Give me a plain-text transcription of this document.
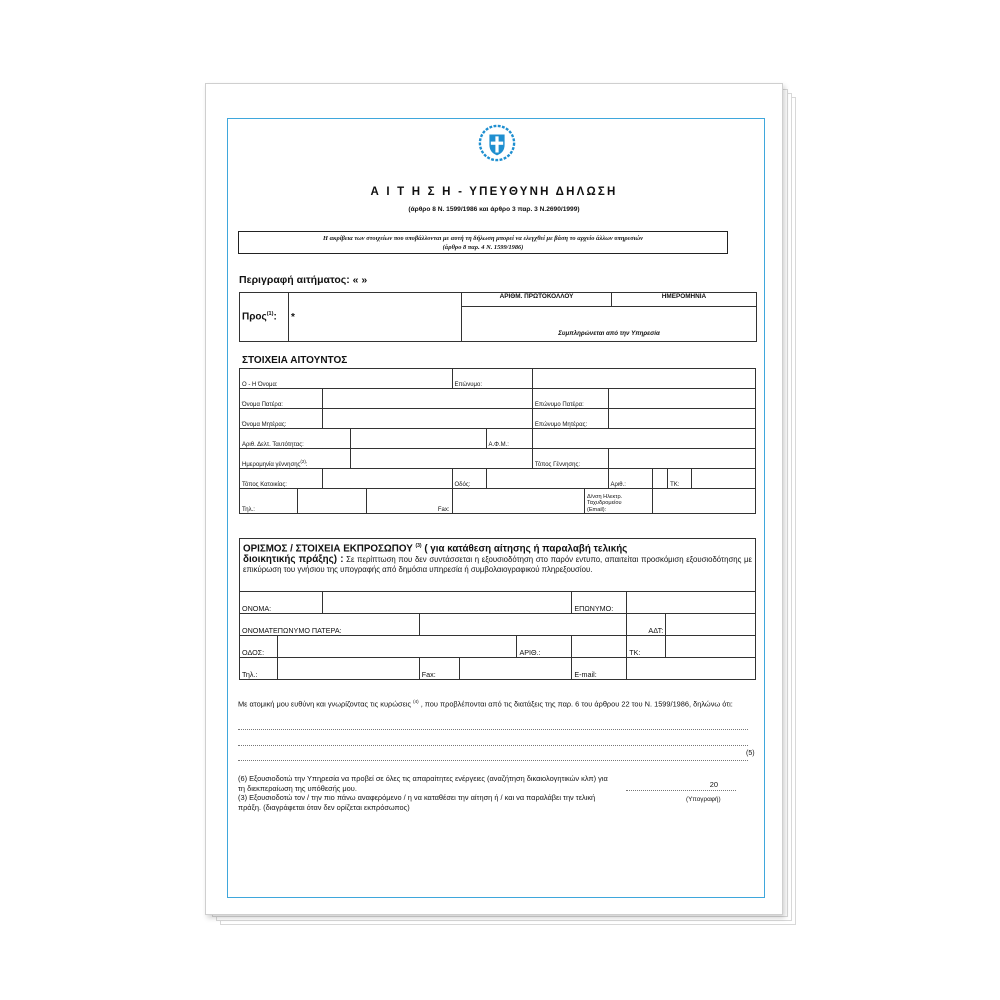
Α Ι Τ Η Σ Η - ΥΠΕΥΘΥΝΗ ΔΗΛΩΣΗ
(άρθρο 8 Ν. 1599/1986 και άρθρο 3 παρ. 3 Ν.2690/1999)
Η ακρίβεια των στοιχείων που υποβάλλονται με αυτή τη δήλωση μπορεί να ελεγχθεί με βάση το αρχείο άλλων υπηρεσιών
(άρθρο 8 παρ. 4 Ν. 1599/1986)
Περιγραφή αιτήματος: « »
Προς$^{(1)}$:	*	ΑΡΙΘΜ. ΠΡΩΤΟΚΟΛΛΟΥ	ΗΜΕΡΟΜΗΝΙΑ
Συμπληρώνεται από την Υπηρεσία
ΣΤΟΙΧΕΙΑ ΑΙΤΟΥΝΤΟΣ
Ο - Η Όνομα:					Επώνυμο:							
Όνομα Πατέρα:							Επώνυμο Πατέρα:					
Όνομα Μητέρας:							Επώνυμο Μητέρας:					
Αριθ. Δελτ. Ταυτότητας:						Α.Φ.Μ.:						
Ημερομηνία γέννησης$^{(2)}$:							Τόπος Γέννησης:					
Τόπος Κατοικίας:					Οδός:				Αριθ.:		ΤΚ:	
Τηλ.:				Fax:				Δ/νση Ηλεκτρ.
Ταχυδρομείου
(Email):				

ΟΡΙΣΜΟΣ / ΣΤΟΙΧΕΙΑ ΕΚΠΡΟΣΩΠΟΥ $^{(3)}$ ( για κατάθεση αίτησης ή παραλαβή τελικής
διοικητικής πράξης) : Σε περίπτωση που δεν συντάσσεται η εξουσιοδότηση στο παρόν εντυπο, απαιτείται προσκόμιση εξουσιοδότησης με επικύρωση του γνήσιου της υπογραφής από δημόσια υπηρεσία ή συμβολαιογραφικού πληρεξουσίου.
ΟΝΟΜΑ:						ΕΠΩΝΥΜΟ:		
ΟΝΟΜΑΤΕΠΩΝΥΜΟ ΠΑΤΕΡΑ:							ΑΔΤ:	
ΟΔΟΣ:					ΑΡΙΘ.:		ΤΚ:	
Τηλ.:			Fax:			E-mail:		
Με ατομική μου ευθύνη και γνωρίζοντας τις κυρώσεις $^{(4)}$ , που προβλέπονται από τις διατάξεις της παρ. 6 του άρθρου 22 του Ν. 1599/1986, δηλώνω ότι:
(5)
(6) Εξουσιοδοτώ την Υπηρεσία να προβεί σε όλες τις απαραίτητες ενέργειες (αναζήτηση δικαιολογητικών κλπ) για τη διεκπεραίωση της υπόθεσής μου.
(3) Εξουσιοδοτώ τον / την πιο πάνω αναφερόμενο / η να καταθέσει την αίτηση ή / και να παραλάβει την τελική πράξη. (διαγράφεται όταν δεν ορίζεται εκπρόσωπος)
20
(Υπογραφή)
